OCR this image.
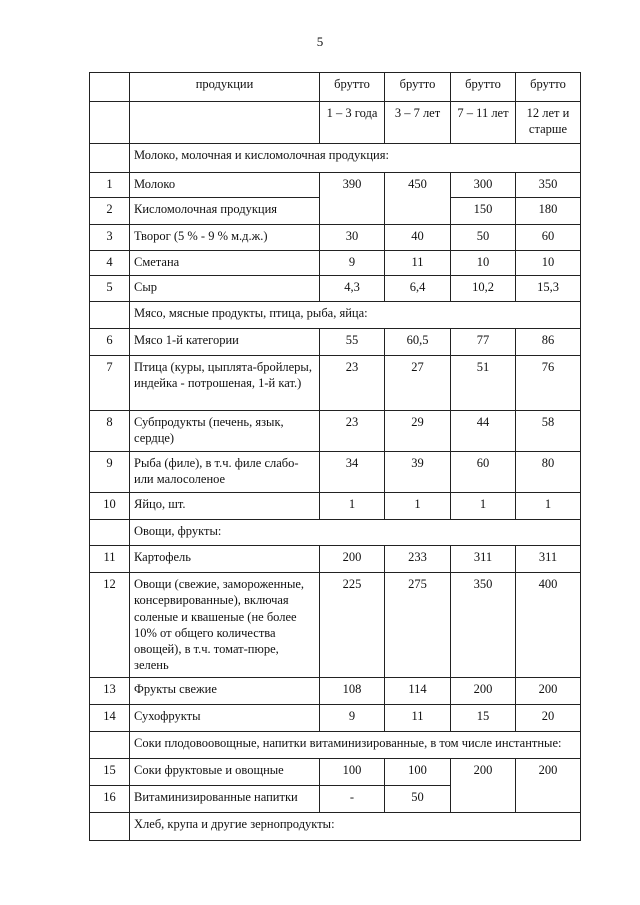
5
	продукции	брутто	брутто	брутто	брутто
		1 – 3 года	3 – 7 лет	7 – 11 лет	12 лет и старше
	Молоко, молочная и кисломолочная продукция:				
1	Молоко	390	450	300	350
2	Кисломолочная продукция			150	180
3	Творог (5 % - 9 % м.д.ж.)	30	40	50	60
4	Сметана	9	11	10	10
5	Сыр	4,3	6,4	10,2	15,3
	Мясо, мясные продукты, птица, рыба, яйца:				
6	Мясо 1-й категории	55	60,5	77	86
7	Птица (куры, цыплята-бройлеры, индейка - потрошеная, 1-й кат.)	23	27	51	76
8	Субпродукты (печень, язык, сердце)	23	29	44	58
9	Рыба (филе), в т.ч. филе слабо- или малосоленое	34	39	60	80
10	Яйцо, шт.	1	1	1	1
	Овощи, фрукты:				
11	Картофель	200	233	311	311
12	Овощи (свежие, замороженные, консервированные), включая соленые и квашеные (не более 10% от общего количества овощей), в т.ч. томат-пюре, зелень	225	275	350	400
13	Фрукты свежие	108	114	200	200
14	Сухофрукты	9	11	15	20
	Соки плодовоовощные, напитки витаминизированные, в том числе инстантные:				
15	Соки фруктовые и овощные	100	100	200	200
16	Витаминизированные напитки	-	50		
	Хлеб, крупа и другие зернопродукты:				
